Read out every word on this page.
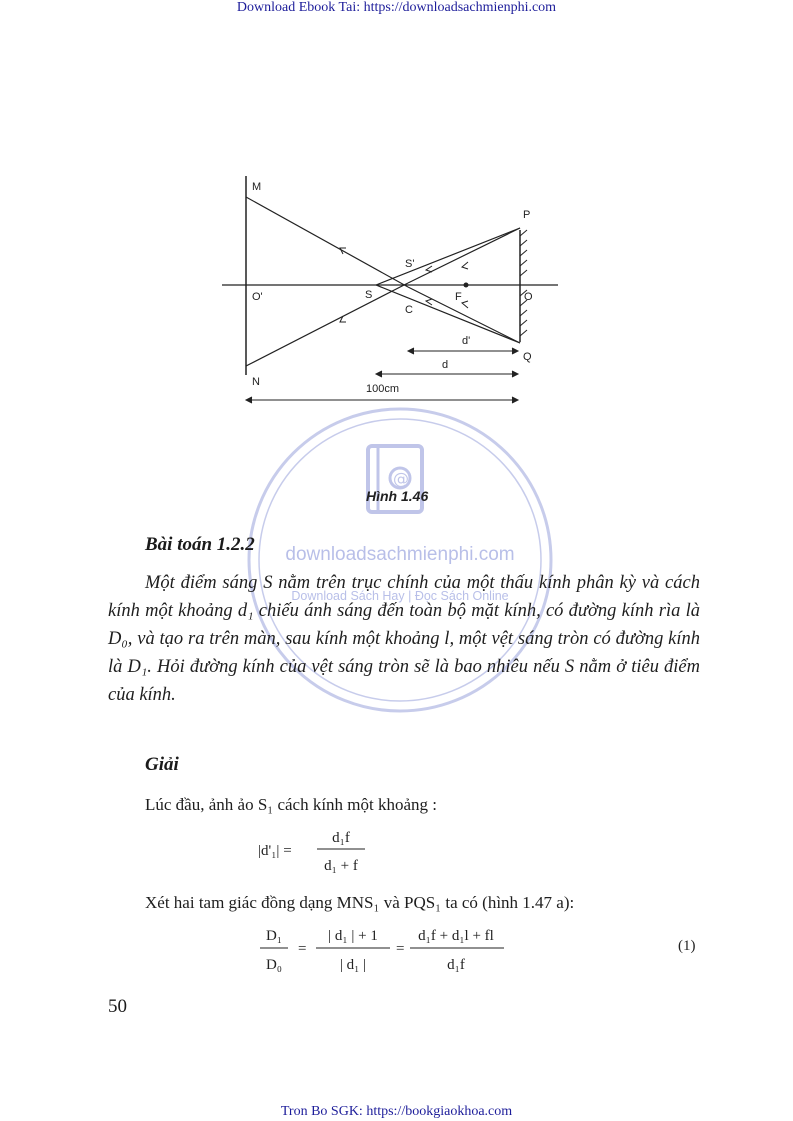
Download Ebook Tai: https://downloadsachmienphi.com
M
N
P
Q
O'	S
S'
C
F	O
d'
d
100cm
@
downloadsachmienphi.com
Download Sách Hay | Đọc Sách Online
Hình 1.46
Bài toán 1.2.2
Một điểm sáng S nằm trên trục chính của một thấu kính phân kỳ và cách kính một khoảng d₁ chiếu ánh sáng đến toàn bộ mặt kính, có đường kính rìa là D₀, và tạo ra trên màn, sau kính một khoảng l, một vệt sáng tròn có đường kính là D₁. Hỏi đường kính của vệt sáng tròn sẽ là bao nhiêu nếu S nằm ở tiêu điểm của kính.
Giải
Lúc đầu, ảnh ảo S₁ cách kính một khoảng :
|d'₁| =
d₁f
d₁ + f
Xét hai tam giác đồng dạng MNS₁ và PQS₁ ta có (hình 1.47 a):
D₁
D₀
=
| d₁ | + 1
| d₁ |
=
d₁f + d₁l + fl
d₁f
(1)
50
Tron Bo SGK: https://bookgiaokhoa.com
